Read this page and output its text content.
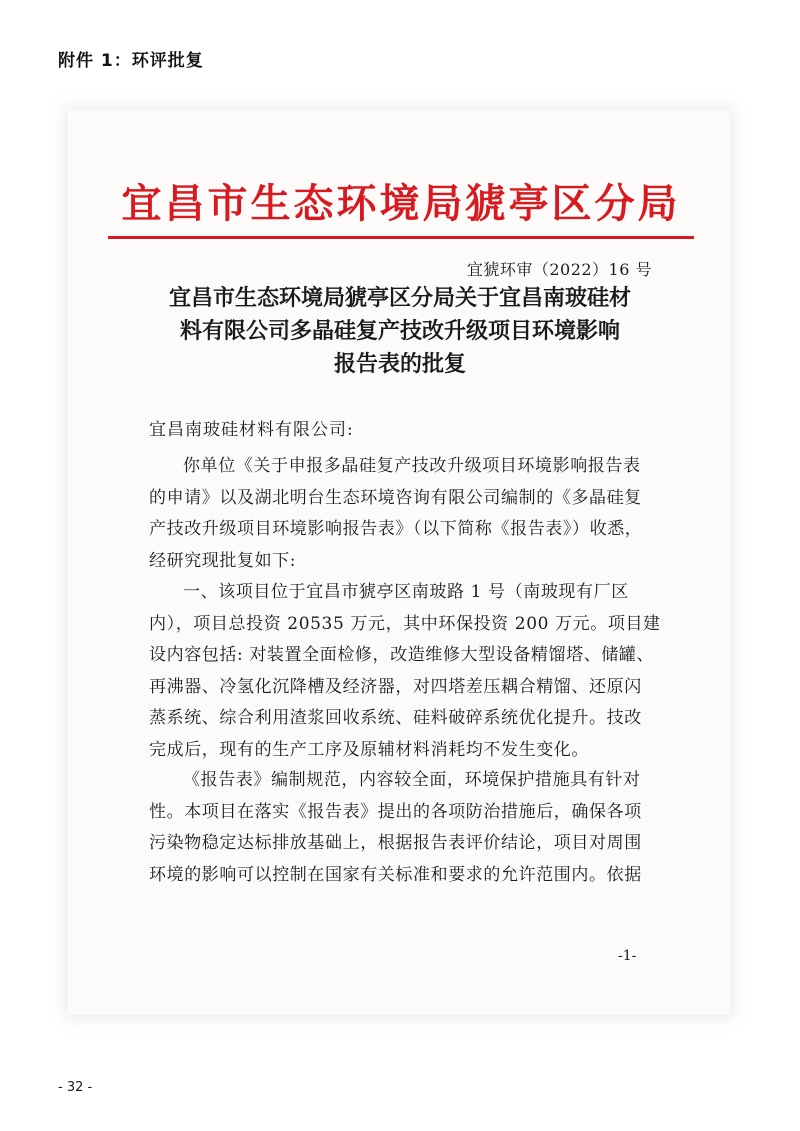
附件 1：环评批复
宜昌市生态环境局猇亭区分局
宜猇环审（2022）16 号
宜昌市生态环境局猇亭区分局关于宜昌南玻硅材
料有限公司多晶硅复产技改升级项目环境影响
报告表的批复
宜昌南玻硅材料有限公司:
你单位《关于申报多晶硅复产技改升级项目环境影响报告表
的申请》以及湖北明台生态环境咨询有限公司编制的《多晶硅复
产技改升级项目环境影响报告表》（以下简称《报告表》）收悉，
经研究现批复如下:
一、该项目位于宜昌市猇亭区南玻路 1 号（南玻现有厂区
内），项目总投资 20535 万元，其中环保投资 200 万元。项目建
设内容包括: 对装置全面检修，改造维修大型设备精馏塔、储罐、
再沸器、冷氢化沉降槽及经济器，对四塔差压耦合精馏、还原闪
蒸系统、综合利用渣浆回收系统、硅料破碎系统优化提升。技改
完成后，现有的生产工序及原辅材料消耗均不发生变化。
《报告表》编制规范，内容较全面，环境保护措施具有针对
性。本项目在落实《报告表》提出的各项防治措施后，确保各项
污染物稳定达标排放基础上，根据报告表评价结论，项目对周围
环境的影响可以控制在国家有关标准和要求的允许范围内。依据
-1-
- 32 -
